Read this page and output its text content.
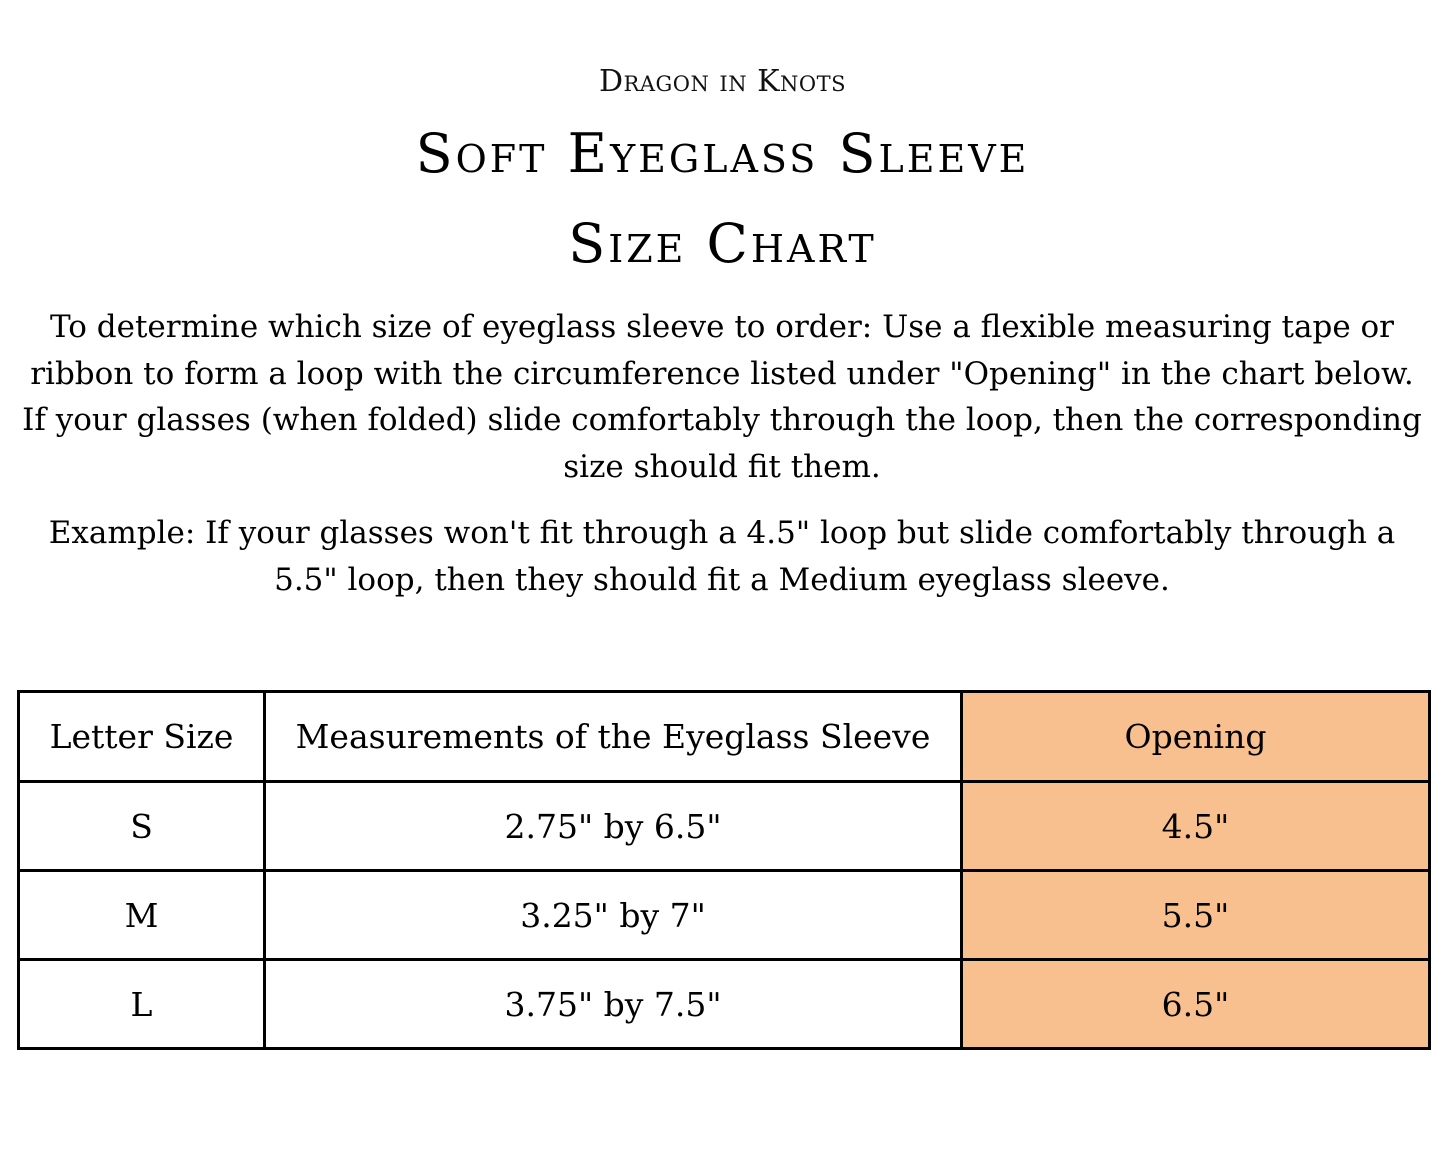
Dragon in Knots
Soft Eyeglass Sleeve
Size Chart

To determine which size of eyeglass sleeve to order: Use a flexible measuring tape or ribbon to form a loop with the circumference listed under "Opening" in the chart below. If your glasses (when folded) slide comfortably through the loop, then the corresponding size should fit them.

Example: If your glasses won't fit through a 4.5" loop but slide comfortably through a 5.5" loop, then they should fit a Medium eyeglass sleeve.

Letter Size	Measurements of the Eyeglass Sleeve	Opening
S	2.75" by 6.5"	4.5"
M	3.25" by 7"	5.5"
L	3.75" by 7.5"	6.5"
